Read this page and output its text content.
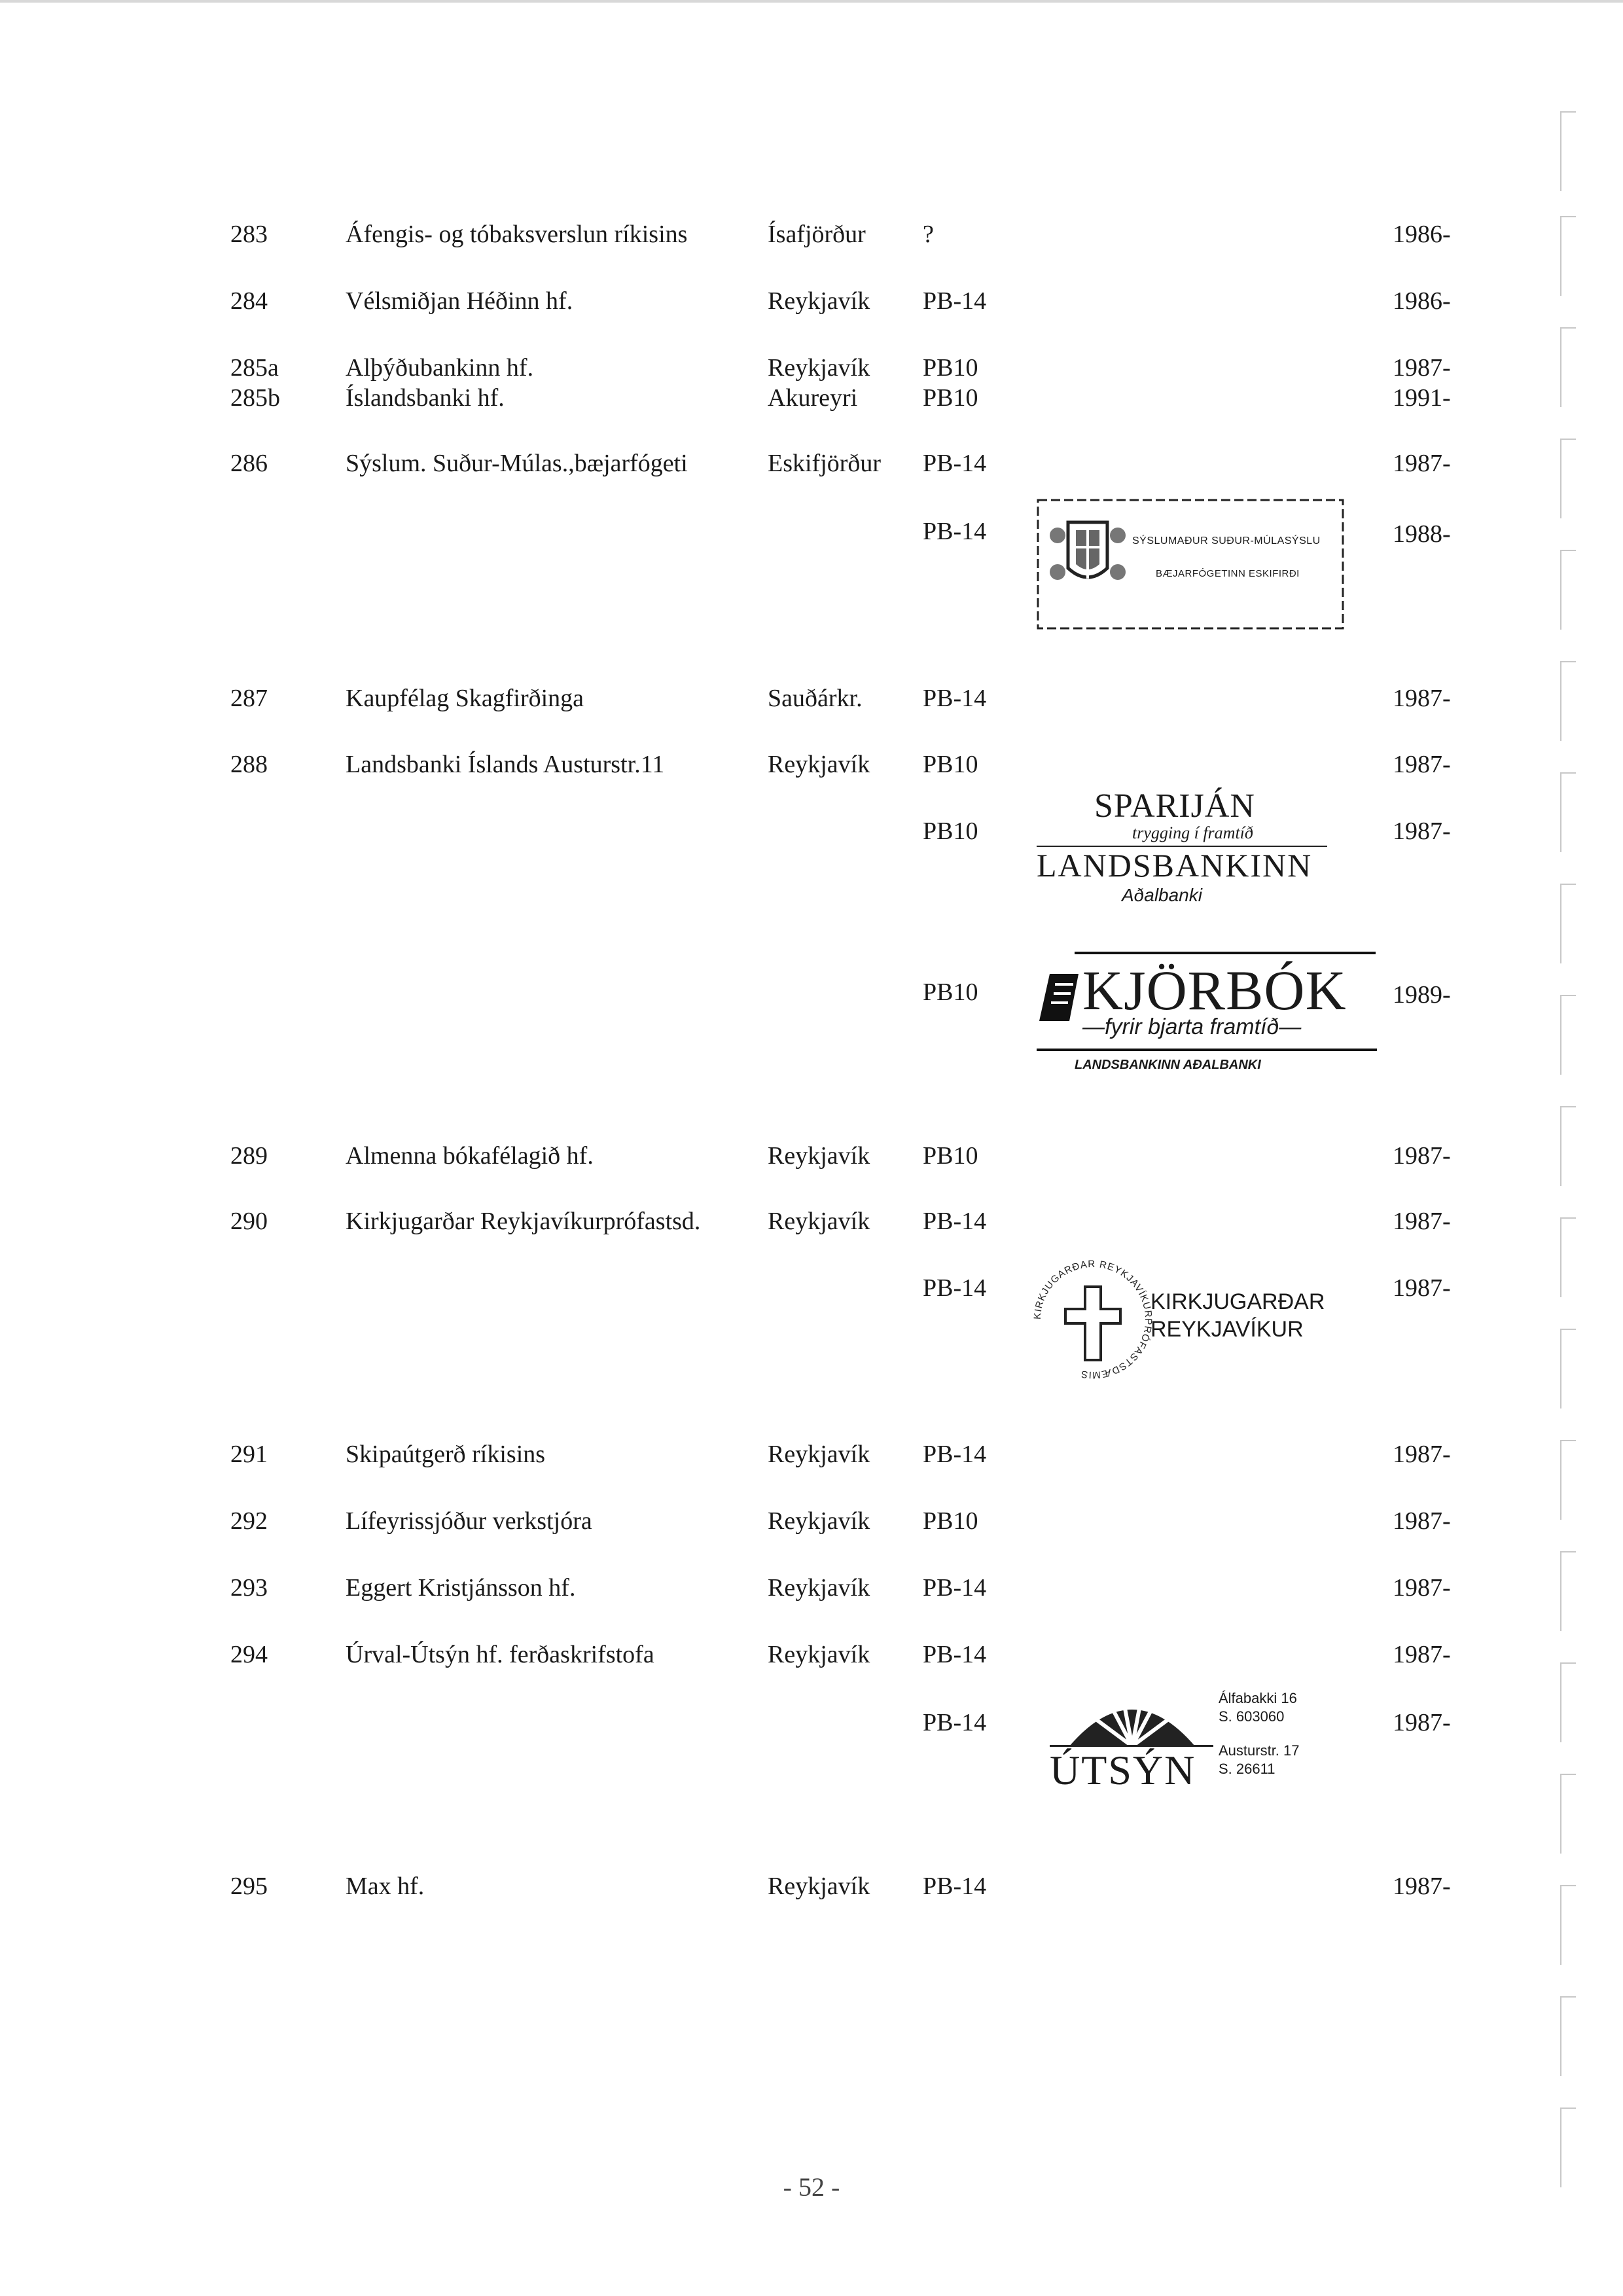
283	Áfengis- og tóbaksverslun ríkisins	Ísafjörður ?	1986-
284	Vélsmiðjan Héðinn hf.	Reykjavík PB-14	1986-
285a	Alþýðubankinn hf.	Reykjavík PB10	1987-
285b	Íslandsbanki hf.	Akureyri	PB10	1991-
286	Sýslum. Suður-Múlas.,bæjarfógeti	Eskifjörður PB-14	1987-
PB-14	1988-
SÝSLUMAÐUR SUÐUR-MÚLASÝSLU
BÆJARFÓGETINN ESKIFIRÐI
287	Kaupfélag Skagfirðinga	Sauðárkr. PB-14	1987-
288	Landsbanki Íslands Austurstr.11	Reykjavík PB10	1987-
PB10	1987-
SPARIJÁN
trygging í framtíð
LANDSBANKINN
Aðalbanki
PB10	1989-
KJÖRBÓK
—fyrir bjarta framtíð—
LANDSBANKINN AÐALBANKI
289	Almenna bókafélagið hf.	Reykjavík PB10	1987-
290	Kirkjugarðar Reykjavíkurprófastsd.	Reykjavík PB-14	1987-
PB-14	1987-
KIRKJUGARÐAR REYKJAVÍKURPRÓFASTSDÆMIS
KIRKJUGARÐAR
REYKJAVÍKUR
291	Skipaútgerð ríkisins	Reykjavík PB-14	1987-
292	Lífeyrissjóður verkstjóra	Reykjavík PB10	1987-
293	Eggert Kristjánsson hf.	Reykjavík PB-14	1987-
294	Úrval-Útsýn hf. ferðaskrifstofa	Reykjavík PB-14	1987-
PB-14	1987-
ÚTSÝN
Álfabakki 16
S. 603060
Austurstr. 17
S. 26611
295	Max hf.	Reykjavík PB-14	1987-
- 52 -
